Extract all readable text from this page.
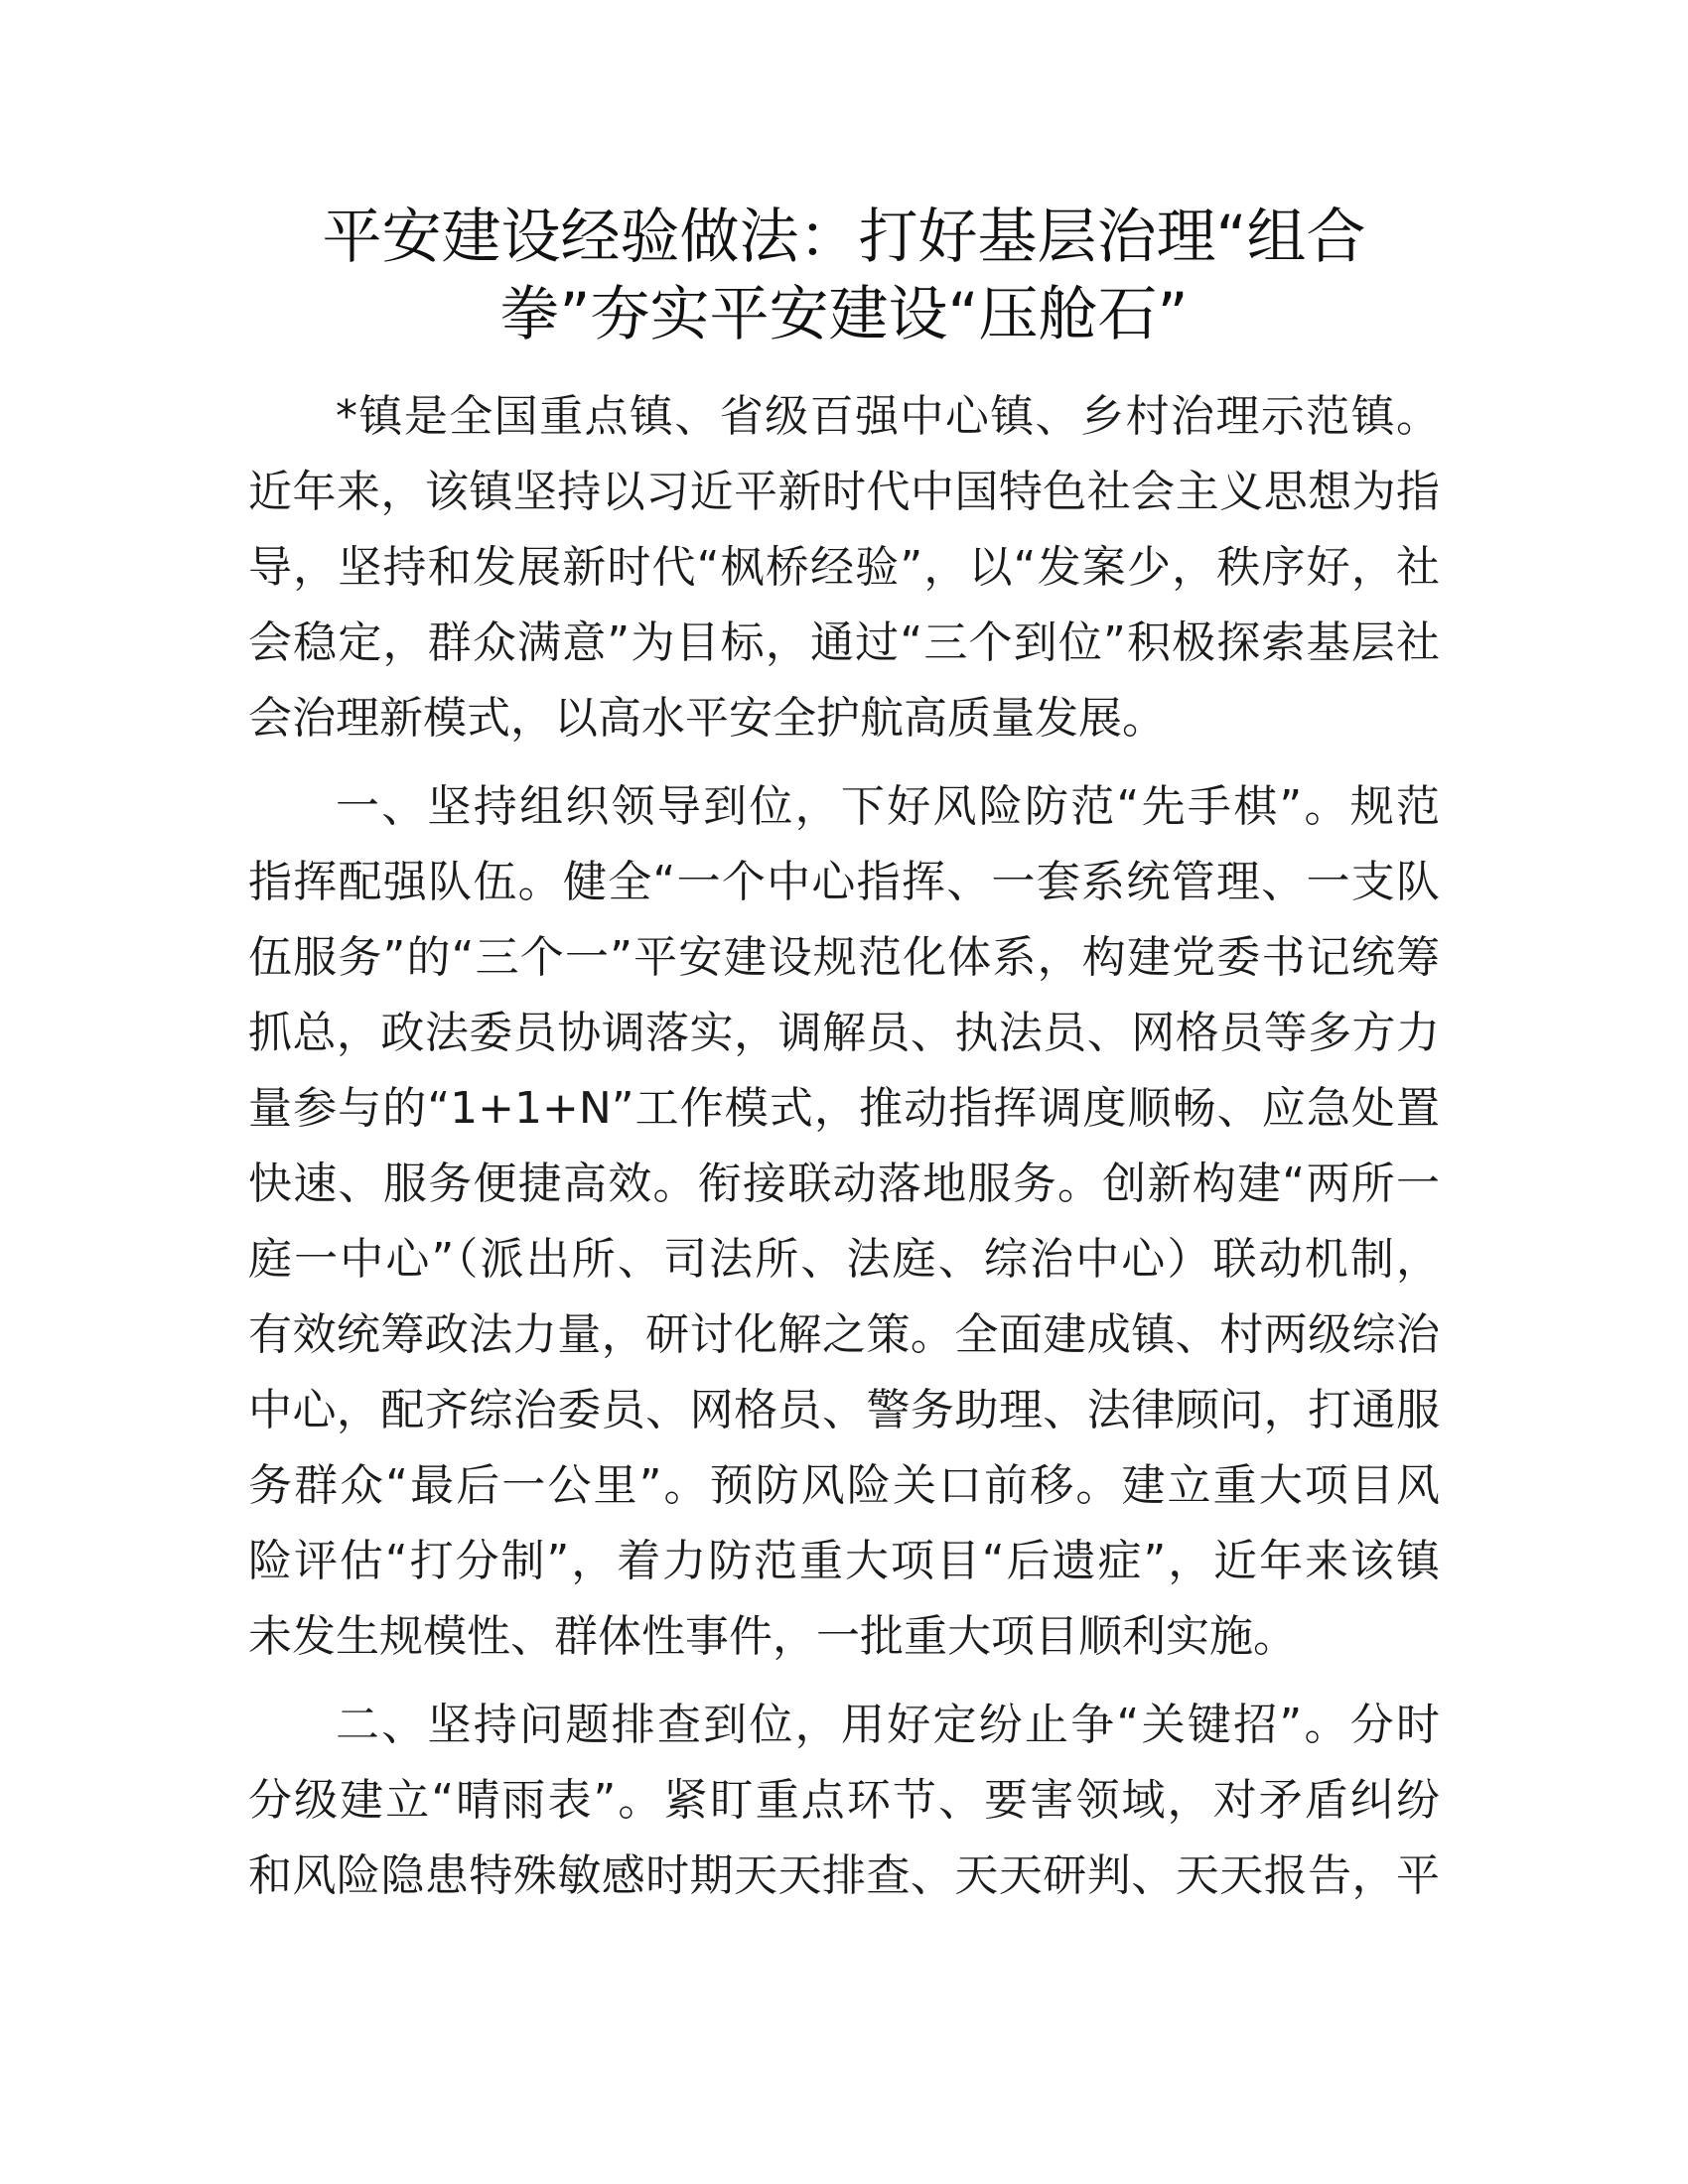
平安建设经验做法：打好基层治理“组合
拳”夯实平安建设“压舱石”

*镇是全国重点镇、省级百强中心镇、乡村治理示范镇。
近年来，该镇坚持以习近平新时代中国特色社会主义思想为指
导，坚持和发展新时代“枫桥经验”，以“发案少，秩序好，社
会稳定，群众满意”为目标，通过“三个到位”积极探索基层社
会治理新模式，以高水平安全护航高质量发展。

一、坚持组织领导到位，下好风险防范“先手棋”。规范
指挥配强队伍。健全“一个中心指挥、一套系统管理、一支队
伍服务”的“三个一”平安建设规范化体系，构建党委书记统筹
抓总，政法委员协调落实，调解员、执法员、网格员等多方力
量参与的“1+1+N”工作模式，推动指挥调度顺畅、应急处置
快速、服务便捷高效。衔接联动落地服务。创新构建“两所一
庭一中心”（派出所、司法所、法庭、综治中心）联动机制，
有效统筹政法力量，研讨化解之策。全面建成镇、村两级综治
中心，配齐综治委员、网格员、警务助理、法律顾问，打通服
务群众“最后一公里”。预防风险关口前移。建立重大项目风
险评估“打分制”，着力防范重大项目“后遗症”，近年来该镇
未发生规模性、群体性事件，一批重大项目顺利实施。

二、坚持问题排查到位，用好定纷止争“关键招”。分时
分级建立“晴雨表”。紧盯重点环节、要害领域，对矛盾纠纷
和风险隐患特殊敏感时期天天排查、天天研判、天天报告，平
